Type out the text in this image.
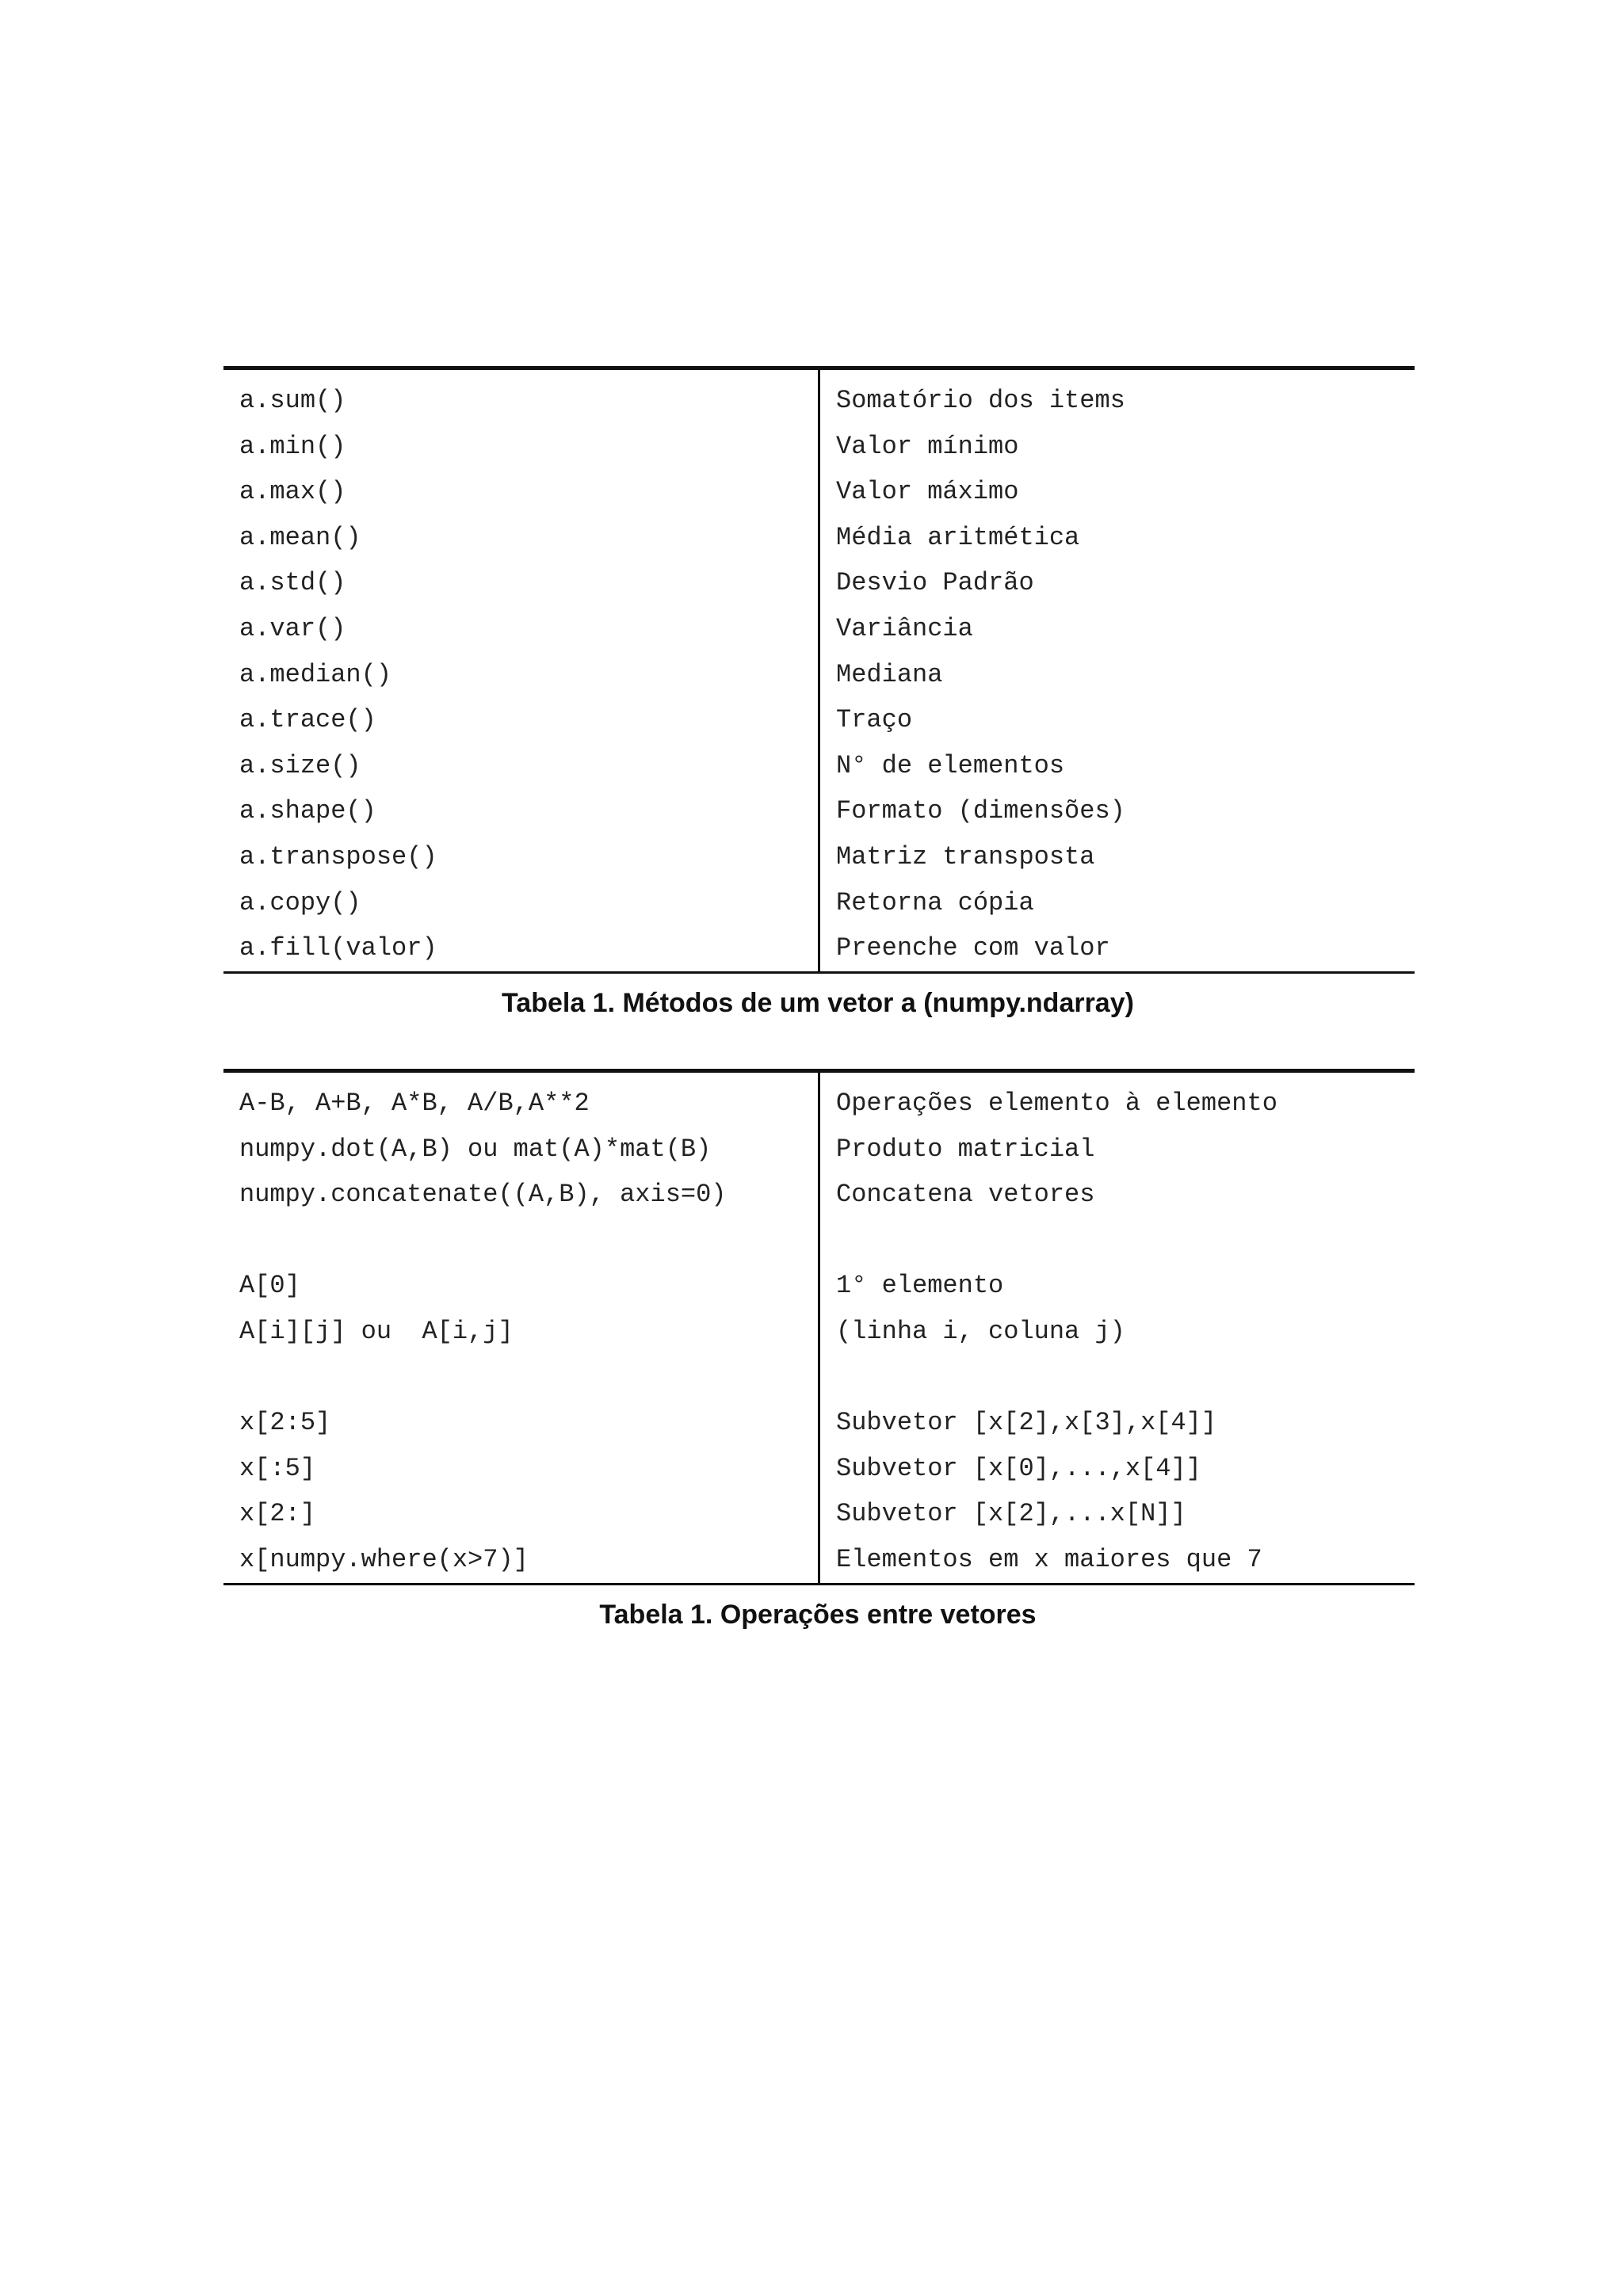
a.sum()	Somatório dos items
a.min()	Valor mínimo
a.max()	Valor máximo
a.mean()	Média aritmética
a.std()	Desvio Padrão
a.var()	Variância
a.median()	Mediana
a.trace()	Traço
a.size()	N° de elementos
a.shape()	Formato (dimensões)
a.transpose()	Matriz transposta
a.copy()	Retorna cópia
a.fill(valor)	Preenche com valor
Tabela 1. Métodos de um vetor a (numpy.ndarray)
A-B, A+B, A*B, A/B,A**2	Operações elemento à elemento
numpy.dot(A,B) ou mat(A)*mat(B)	Produto matricial
numpy.concatenate((A,B), axis=0)	Concatena vetores

A[0]	1° elemento
A[i][j] ou  A[i,j]	(linha i, coluna j)

x[2:5]	Subvetor [x[2],x[3],x[4]]
x[:5]	Subvetor [x[0],...,x[4]]
x[2:]	Subvetor [x[2],...x[N]]
x[numpy.where(x>7)]	Elementos em x maiores que 7
Tabela 1. Operações entre vetores
